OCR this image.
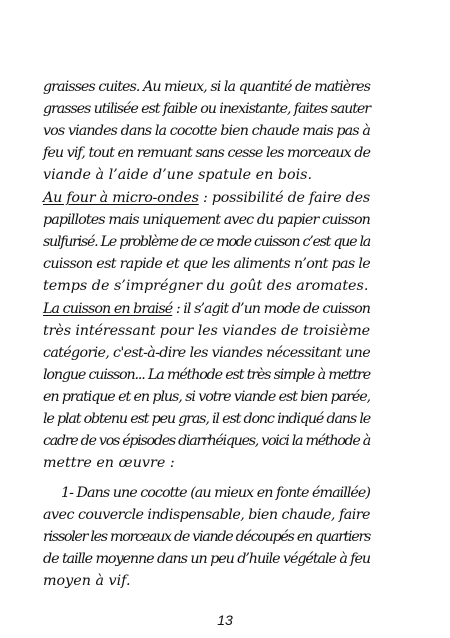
graisses cuites. Au mieux, si la quantité de matières
grasses utilisée est faible ou inexistante, faites sauter
vos viandes dans la cocotte bien chaude mais pas à
feu vif, tout en remuant sans cesse les morceaux de
viande à l’aide d’une spatule en bois.

Au four à micro-ondes : possibilité de faire des
papillotes mais uniquement avec du papier cuisson
sulfurisé. Le problème de ce mode cuisson c’est que la
cuisson est rapide et que les aliments n’ont pas le
temps de s’imprégner du goût des aromates.

La cuisson en braisé : il s’agit d’un mode de cuisson
très intéressant pour les viandes de troisième
catégorie, c'est-à-dire les viandes nécessitant une
longue cuisson... La méthode est très simple à mettre
en pratique et en plus, si votre viande est bien parée,
le plat obtenu est peu gras, il est donc indiqué dans le
cadre de vos épisodes diarrhéiques, voici la méthode à
mettre en œuvre :

1- Dans une cocotte (au mieux en fonte émaillée)
avec couvercle indispensable, bien chaude, faire
rissoler les morceaux de viande découpés en quartiers
de taille moyenne dans un peu d’huile végétale à feu
moyen à vif.

13
